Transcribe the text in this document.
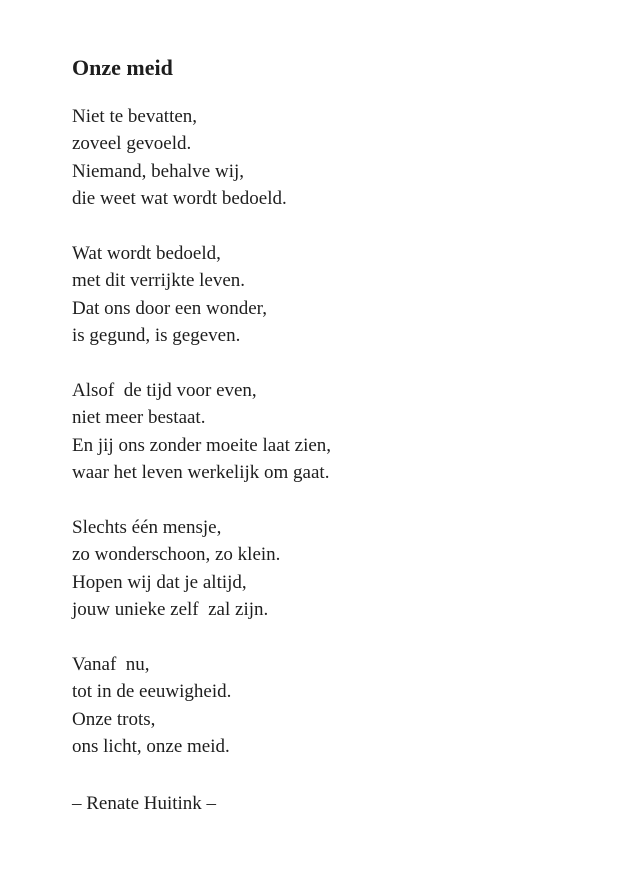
Onze meid
Niet te bevatten,
zoveel gevoeld.
Niemand, behalve wij,
die weet wat wordt bedoeld.
Wat wordt bedoeld,
met dit verrijkte leven.
Dat ons door een wonder,
is gegund, is gegeven.
Alsof  de tijd voor even,
niet meer bestaat.
En jij ons zonder moeite laat zien,
waar het leven werkelijk om gaat.
Slechts één mensje,
zo wonderschoon, zo klein.
Hopen wij dat je altijd,
jouw unieke zelf  zal zijn.
Vanaf  nu,
tot in de eeuwigheid.
Onze trots,
ons licht, onze meid.

– Renate Huitink –
